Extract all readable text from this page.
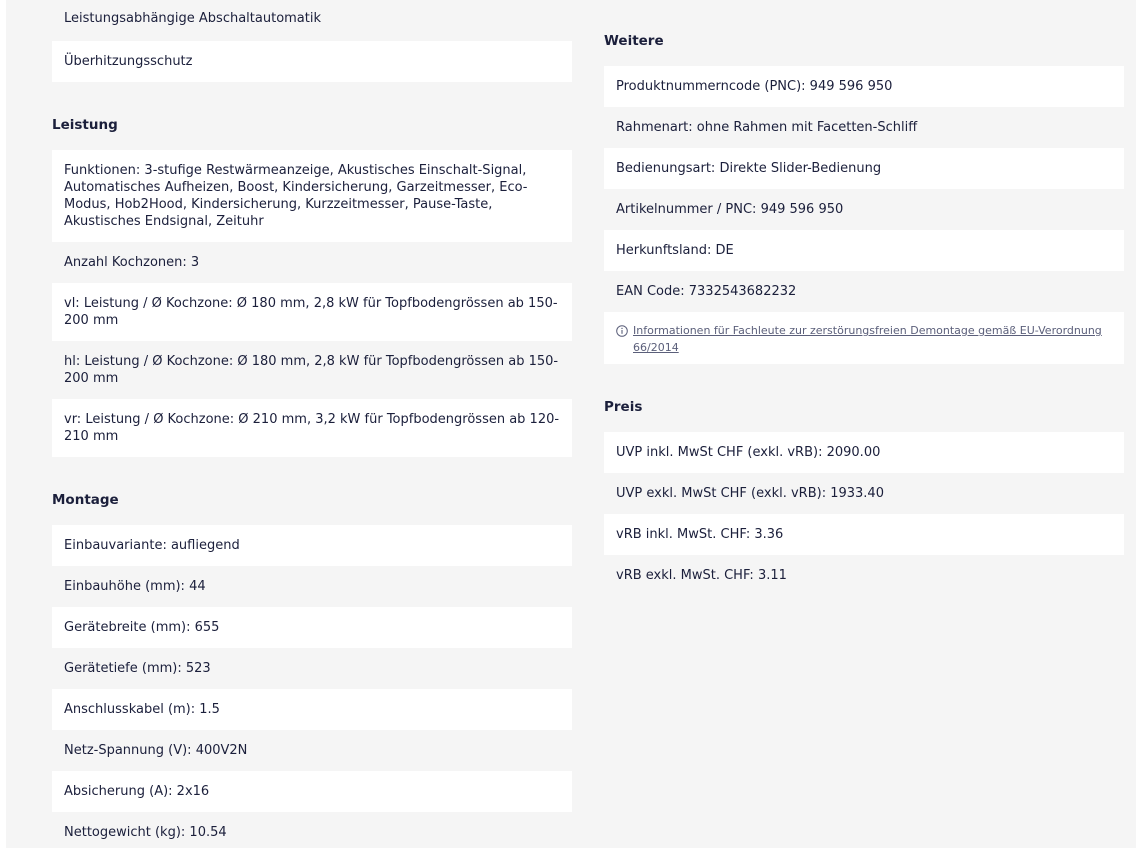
Leistungsabhängige Abschaltautomatik
Überhitzungsschutz
Leistung
Funktionen: 3-stufige Restwärmeanzeige, Akustisches Einschalt-Signal, Automatisches Aufheizen, Boost, Kindersicherung, Garzeitmesser, Eco-Modus, Hob2Hood, Kindersicherung, Kurzzeitmesser, Pause-Taste, Akustisches Endsignal, Zeituhr
Anzahl Kochzonen: 3
vl: Leistung / Ø Kochzone: Ø 180 mm, 2,8 kW für Topfbodengrössen ab 150-200 mm
hl: Leistung / Ø Kochzone: Ø 180 mm, 2,8 kW für Topfbodengrössen ab 150-200 mm
vr: Leistung / Ø Kochzone: Ø 210 mm, 3,2 kW für Topfbodengrössen ab 120-210 mm
Montage
Einbauvariante: aufliegend
Einbauhöhe (mm): 44
Gerätebreite (mm): 655
Gerätetiefe (mm): 523
Anschlusskabel (m): 1.5
Netz-Spannung (V): 400V2N
Absicherung (A): 2x16
Nettogewicht (kg): 10.54
Weitere
Produktnummerncode (PNC): 949 596 950
Rahmenart: ohne Rahmen mit Facetten-Schliff
Bedienungsart: Direkte Slider-Bedienung
Artikelnummer / PNC: 949 596 950
Herkunftsland: DE
EAN Code: 7332543682232
Informationen für Fachleute zur zerstörungsfreien Demontage gemäß EU-Verordnung 66/2014
Preis
UVP inkl. MwSt CHF (exkl. vRB): 2090.00
UVP exkl. MwSt CHF (exkl. vRB): 1933.40
vRB inkl. MwSt. CHF: 3.36
vRB exkl. MwSt. CHF: 3.11
